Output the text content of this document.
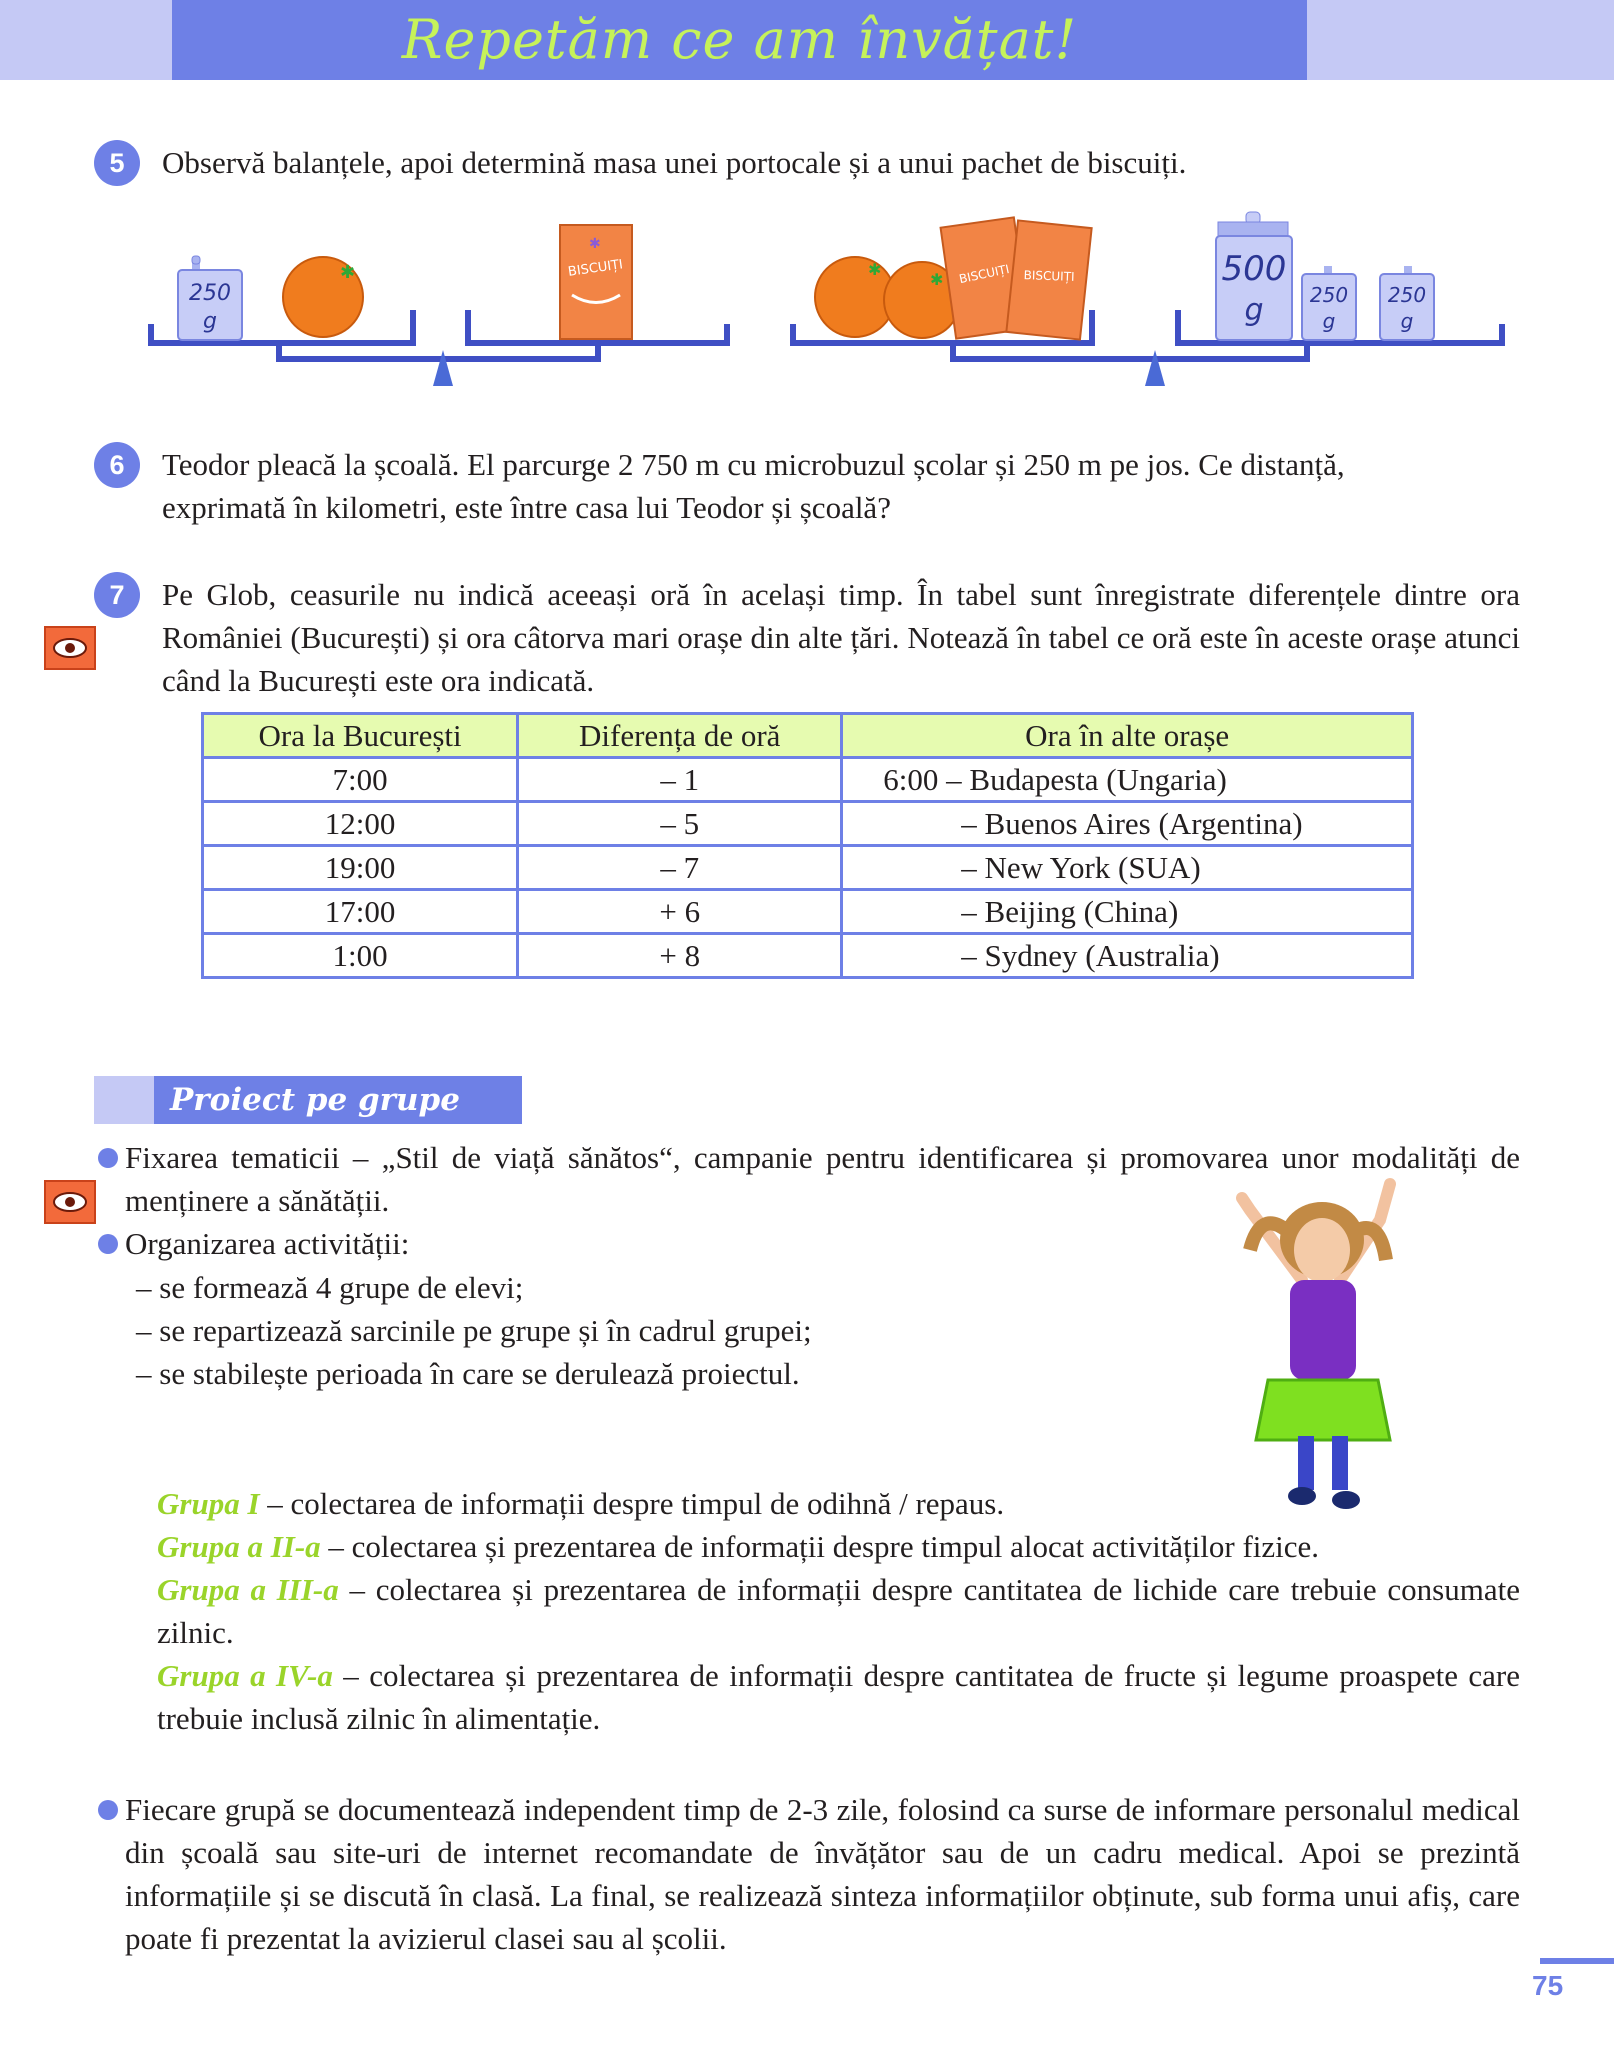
Repetăm ce am învățat!
5	Observă balanțele, apoi determină masa unei portocale și a unui pachet de biscuiți.
250
g
✱	BISCUIȚI
✱
✱
✱ BISCUIȚI BISCUIȚI	500
g 250
g
250
g
6	Teodor pleacă la școală. El parcurge 2 750 m cu microbuzul școlar și 250 m pe jos. Ce distanță,
exprimată în kilometri, este între casa lui Teodor și școală?
7	Pe Glob, ceasurile nu indică aceeași oră în același timp. În tabel sunt înregistrate diferențele dintre ora României (București) și ora câtorva mari orașe din alte țări. Notează în tabel ce oră este în aceste orașe atunci când la București este ora indicată.
Ora la București	Diferența de oră	Ora în alte orașe
7:00	– 1	6:00 – Budapesta (Ungaria)
12:00	– 5	– Buenos Aires (Argentina)
19:00	– 7	– New York (SUA)
17:00	+ 6	– Beijing (China)
1:00	+ 8	– Sydney (Australia)
Proiect pe grupe
Fixarea tematicii – „Stil de viață sănătos“, campanie pentru identificarea și promovarea unor modalități de menținere a sănătății.
Organizarea activității:
– se formează 4 grupe de elevi;
– se repartizează sarcinile pe grupe și în cadrul grupei;
– se stabilește perioada în care se derulează proiectul.
Grupa I – colectarea de informații despre timpul de odihnă / repaus.
Grupa a II-a – colectarea și prezentarea de informații despre timpul alocat activităților fizice.
Grupa a III-a – colectarea și prezentarea de informații despre cantitatea de lichide care trebuie consumate zilnic.
Grupa a IV-a – colectarea și prezentarea de informații despre cantitatea de fructe și legume proaspete care trebuie inclusă zilnic în alimentație.
Fiecare grupă se documentează independent timp de 2-3 zile, folosind ca surse de informare personalul medical din școală sau site-uri de internet recomandate de învățător sau de un cadru medical. Apoi se prezintă informațiile și se discută în clasă. La final, se realizează sinteza informațiilor obținute, sub forma unui afiș, care poate fi prezentat la avizierul clasei sau al școlii.
75
